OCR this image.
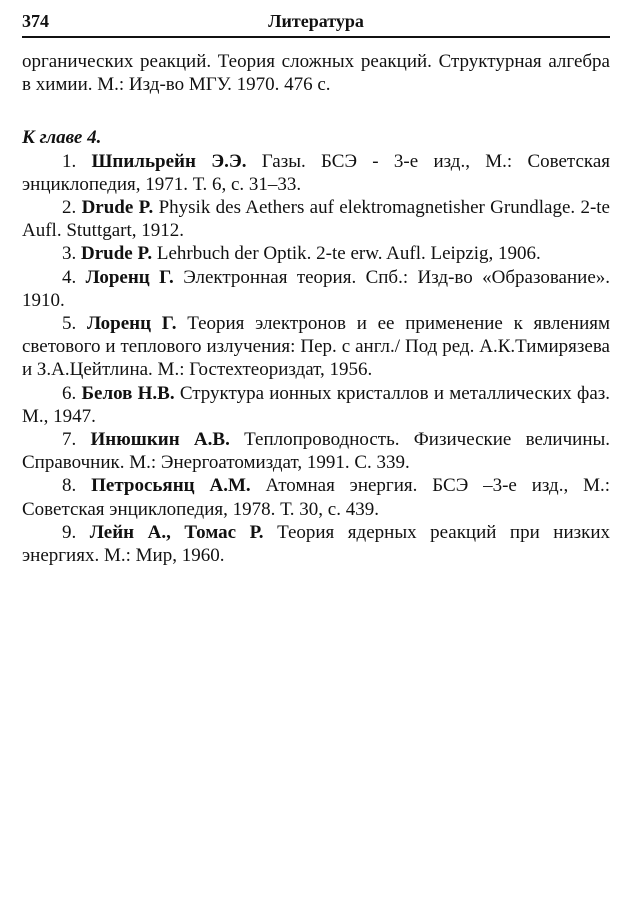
374	Литература

органических реакций. Теория сложных реакций. Структурная алгебра в химии. М.: Изд-во МГУ. 1970. 476 с.

К главе 4.

1. Шпильрейн Э.Э. Газы. БСЭ - 3-е изд., М.: Советская энциклопедия, 1971. Т. 6, с. 31–33.
2. Drude P. Physik des Aethers auf elektromagnetisher Grundlage. 2-te Aufl. Stuttgart, 1912.
3. Drude P. Lehrbuch der Optik. 2-te erw. Aufl. Leipzig, 1906.
4. Лоренц Г. Электронная теория. Спб.: Изд-во «Образование». 1910.
5. Лоренц Г. Теория электронов и ее применение к явлениям светового и теплового излучения: Пер. с англ./ Под ред. А.К.Тимирязева и З.А.Цейтлина. М.: Гостехтеориздат, 1956.
6. Белов Н.В. Структура ионных кристаллов и металлических фаз. М., 1947.
7. Инюшкин А.В. Теплопроводность. Физические величины. Справочник. М.: Энергоатомиздат, 1991. С. 339.
8. Петросьянц А.М. Атомная энергия. БСЭ –3-е изд., М.: Советская энциклопедия, 1978. Т. 30, с. 439.
9. Лейн А., Томас Р. Теория ядерных реакций при низких энергиях. М.: Мир, 1960.
